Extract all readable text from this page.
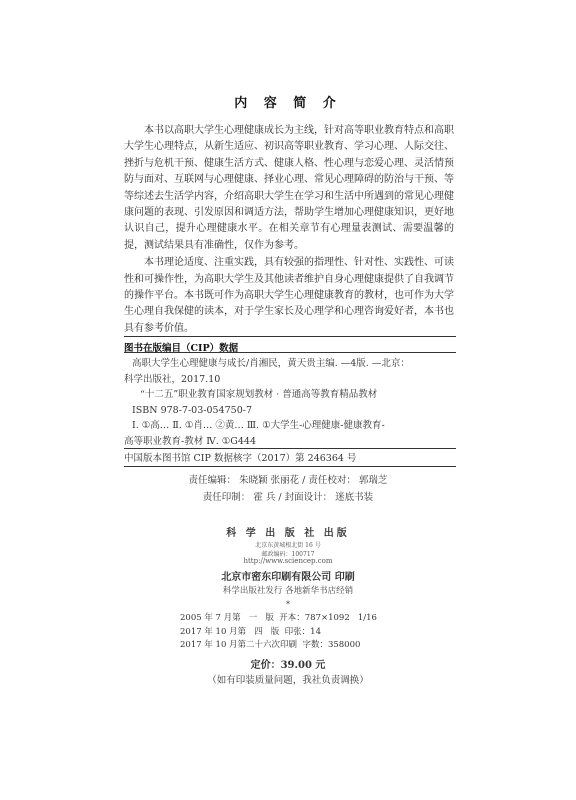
内 容 简 介

本书以高职大学生心理健康成长为主线，针对高等职业教育特点和高职大学生心理特点，从新生适应、初识高等职业教育、学习心理、人际交往、挫折与危机干预、健康生活方式、健康人格、性心理与恋爱心理、灵活情预防与面对、互联网与心理健康、择业心理、常见心理障碍的防治与干预、等等综述去生活学内容，介绍高职大学生在学习和生活中所遇到的常见心理健康问题的表现、引发原因和调适方法，帮助学生增加心理健康知识，更好地认识自己，提升心理健康水平。在相关章节有心理量表测试、需要温馨的提，测试结果具有准确性，仅作为参考。

本书理论适度、注重实践，具有较强的指理性、针对性、实践性、可读性和可操作性，为高职大学生及其他读者维护自身心理健康提供了自我调节的操作平台。本书既可作为高职大学生心理健康教育的教材，也可作为大学生心理自我保健的读本，对于学生家长及心理学和心理咨询爱好者，本书也具有参考价值。

图书在版编目（CIP）数据
高职大学生心理健康与成长/肖湘民，黄天贵主编. —4版. —北京：
科学出版社，2017.10
“十二五”职业教育国家规划教材 · 普通高等教育精品教材
ISBN 978-7-03-054750-7
Ⅰ. ①高… Ⅱ. ①肖… ②黄… Ⅲ. ①大学生-心理健康-健康教育-
高等职业教育-教材 Ⅳ. ①G444
中国版本图书馆 CIP 数据核字（2017）第 246364 号
责任编辑： 朱晓颖 张丽花 / 责任校对： 郭瑞芝
责任印制： 霍 兵 / 封面设计： 迷底书装
科 学 出 版 社 出版
北京东黄城根北街 16 号
邮政编码：100717
http://www.sciencep.com
北京市密东印刷有限公司 印刷
科学出版社发行 各地新华书店经销
*
2005 年 7 月第   一   版  开本：787×1092   1/16
2017 年 10 月第   四   版  印张：14
2017 年 10 月第二十六次印刷  字数：358000
定价：39.00 元
（如有印装质量问题，我社负责调换）
